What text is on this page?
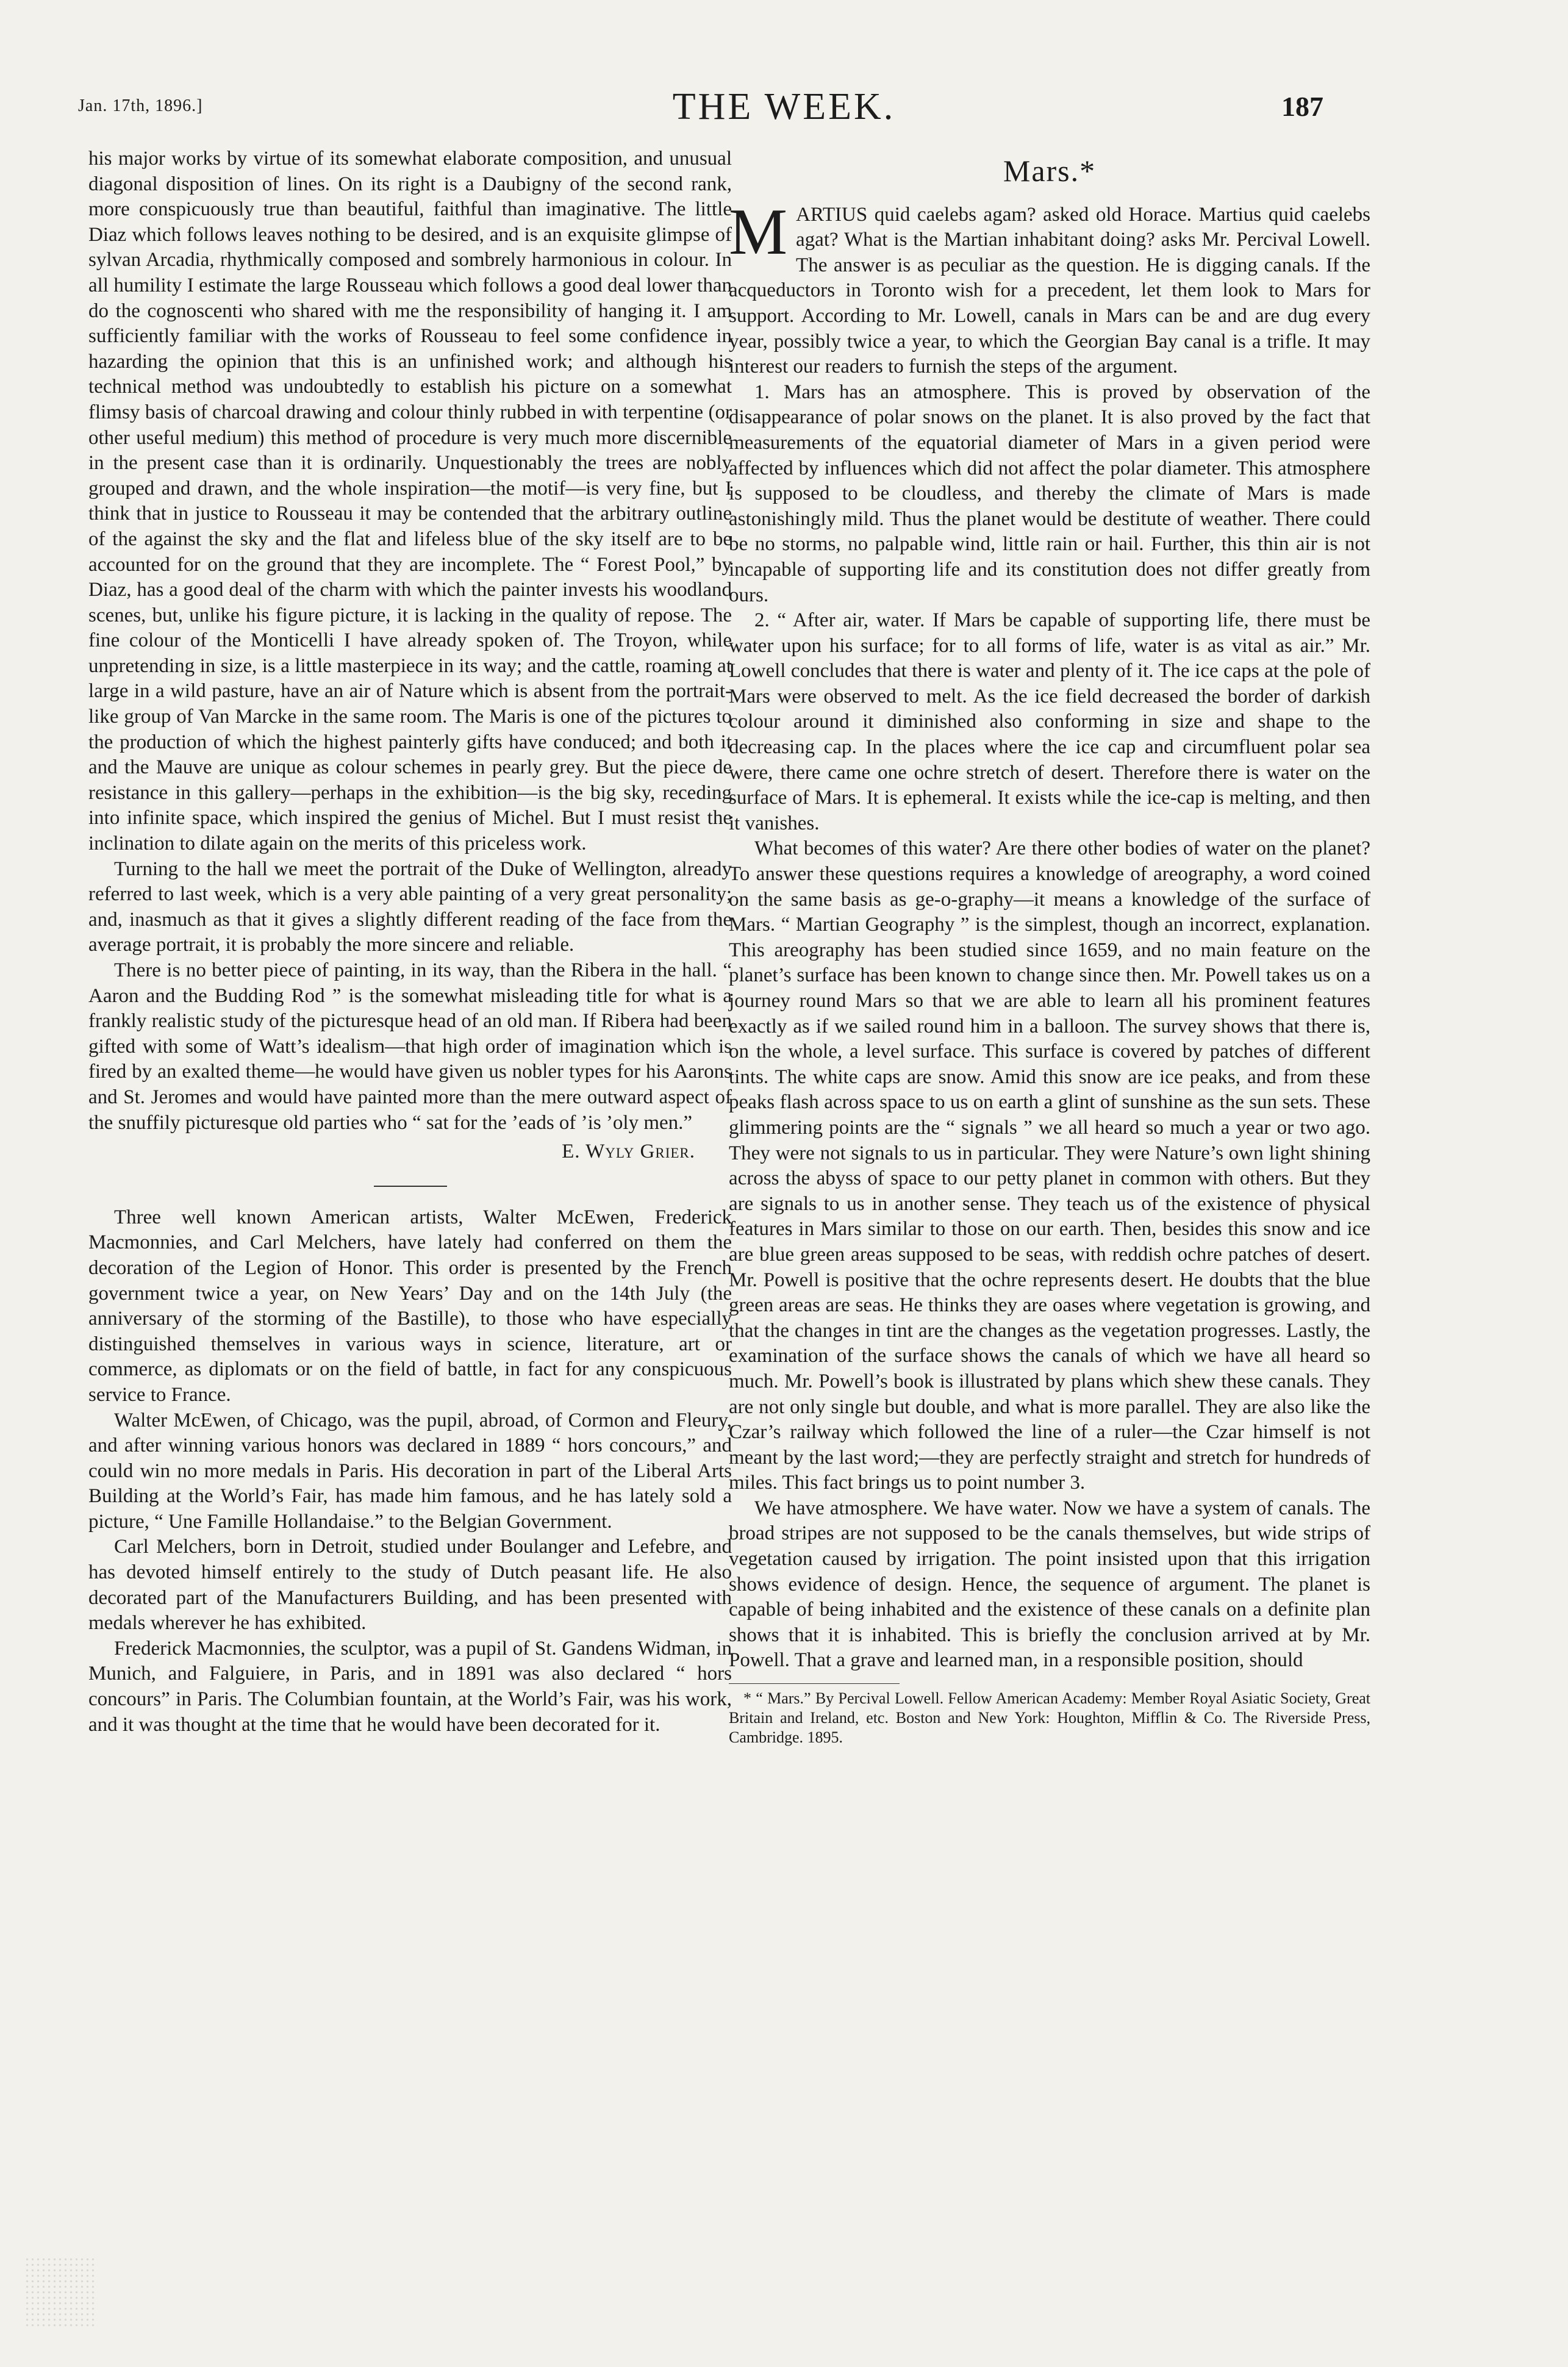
Jan. 17th, 1896.]	THE WEEK.	187

his major works by virtue of its somewhat elaborate composition, and unusual diagonal disposition of lines. On its right is a Daubigny of the second rank, more conspicuously true than beautiful, faithful than imaginative. The little Diaz which follows leaves nothing to be desired, and is an exquisite glimpse of sylvan Arcadia, rhythmically composed and sombrely harmonious in colour. In all humility I estimate the large Rousseau which follows a good deal lower than do the cognoscenti who shared with me the responsibility of hanging it. I am sufficiently familiar with the works of Rousseau to feel some confidence in hazarding the opinion that this is an unfinished work; and although his technical method was undoubtedly to establish his picture on a somewhat flimsy basis of charcoal drawing and colour thinly rubbed in with terpentine (or other useful medium) this method of procedure is very much more discernible in the present case than it is ordinarily. Unquestionably the trees are nobly grouped and drawn, and the whole inspiration—the motif—is very fine, but I think that in justice to Rousseau it may be contended that the arbitrary outline of the against the sky and the flat and lifeless blue of the sky itself are to be accounted for on the ground that they are incomplete. The “ Forest Pool,” by Diaz, has a good deal of the charm with which the painter invests his woodland scenes, but, unlike his figure picture, it is lacking in the quality of repose. The fine colour of the Monticelli I have already spoken of. The Troyon, while unpretending in size, is a little masterpiece in its way; and the cattle, roaming at large in a wild pasture, have an air of Nature which is absent from the portrait-like group of Van Marcke in the same room. The Maris is one of the pictures to the production of which the highest painterly gifts have conduced; and both it and the Mauve are unique as colour schemes in pearly grey. But the piece de resistance in this gallery—perhaps in the exhibition—is the big sky, receding into infinite space, which inspired the genius of Michel. But I must resist the inclination to dilate again on the merits of this priceless work.

Turning to the hall we meet the portrait of the Duke of Wellington, already referred to last week, which is a very able painting of a very great personality; and, inasmuch as that it gives a slightly different reading of the face from the average portrait, it is probably the more sincere and reliable.

There is no better piece of painting, in its way, than the Ribera in the hall. “ Aaron and the Budding Rod ” is the somewhat misleading title for what is a frankly realistic study of the picturesque head of an old man. If Ribera had been gifted with some of Watt’s idealism—that high order of imagination which is fired by an exalted theme—he would have given us nobler types for his Aarons and St. Jeromes and would have painted more than the mere outward aspect of the snuffily picturesque old parties who “ sat for the ’eads of ’is ’oly men.”

E. Wyly Grier.

Three well known American artists, Walter McEwen, Frederick Macmonnies, and Carl Melchers, have lately had conferred on them the decoration of the Legion of Honor. This order is presented by the French government twice a year, on New Years’ Day and on the 14th July (the anniversary of the storming of the Bastille), to those who have especially distinguished themselves in various ways in science, literature, art or commerce, as diplomats or on the field of battle, in fact for any conspicuous service to France.

Walter McEwen, of Chicago, was the pupil, abroad, of Cormon and Fleury, and after winning various honors was declared in 1889 “ hors concours,” and could win no more medals in Paris. His decoration in part of the Liberal Arts Building at the World’s Fair, has made him famous, and he has lately sold a picture, “ Une Famille Hollandaise.” to the Belgian Government.

Carl Melchers, born in Detroit, studied under Boulanger and Lefebre, and has devoted himself entirely to the study of Dutch peasant life. He also decorated part of the Manufacturers Building, and has been presented with medals wherever he has exhibited.

Frederick Macmonnies, the sculptor, was a pupil of St. Gandens Widman, in Munich, and Falguiere, in Paris, and in 1891 was also declared “ hors concours” in Paris. The Columbian fountain, at the World’s Fair, was his work, and it was thought at the time that he would have been decorated for it.

Mars.*

MARTIUS quid caelebs agam? asked old Horace. Martius quid caelebs agat? What is the Martian inhabitant doing? asks Mr. Percival Lowell. The answer is as peculiar as the question. He is digging canals. If the acqueductors in Toronto wish for a precedent, let them look to Mars for support. According to Mr. Lowell, canals in Mars can be and are dug every year, possibly twice a year, to which the Georgian Bay canal is a trifle. It may interest our readers to furnish the steps of the argument.

1. Mars has an atmosphere. This is proved by observation of the disappearance of polar snows on the planet. It is also proved by the fact that measurements of the equatorial diameter of Mars in a given period were affected by influences which did not affect the polar diameter. This atmosphere is supposed to be cloudless, and thereby the climate of Mars is made astonishingly mild. Thus the planet would be destitute of weather. There could be no storms, no palpable wind, little rain or hail. Further, this thin air is not incapable of supporting life and its constitution does not differ greatly from ours.

2. “ After air, water. If Mars be capable of supporting life, there must be water upon his surface; for to all forms of life, water is as vital as air.” Mr. Lowell concludes that there is water and plenty of it. The ice caps at the pole of Mars were observed to melt. As the ice field decreased the border of darkish colour around it diminished also conforming in size and shape to the decreasing cap. In the places where the ice cap and circumfluent polar sea were, there came one ochre stretch of desert. Therefore there is water on the surface of Mars. It is ephemeral. It exists while the ice-cap is melting, and then it vanishes.

What becomes of this water? Are there other bodies of water on the planet? To answer these questions requires a knowledge of areography, a word coined on the same basis as ge-o-graphy—it means a knowledge of the surface of Mars. “ Martian Geography ” is the simplest, though an incorrect, explanation. This areography has been studied since 1659, and no main feature on the planet’s surface has been known to change since then. Mr. Powell takes us on a journey round Mars so that we are able to learn all his prominent features exactly as if we sailed round him in a balloon. The survey shows that there is, on the whole, a level surface. This surface is covered by patches of different tints. The white caps are snow. Amid this snow are ice peaks, and from these peaks flash across space to us on earth a glint of sunshine as the sun sets. These glimmering points are the “ signals ” we all heard so much a year or two ago. They were not signals to us in particular. They were Nature’s own light shining across the abyss of space to our petty planet in common with others. But they are signals to us in another sense. They teach us of the existence of physical features in Mars similar to those on our earth. Then, besides this snow and ice are blue green areas supposed to be seas, with reddish ochre patches of desert. Mr. Powell is positive that the ochre represents desert. He doubts that the blue green areas are seas. He thinks they are oases where vegetation is growing, and that the changes in tint are the changes as the vegetation progresses. Lastly, the examination of the surface shows the canals of which we have all heard so much. Mr. Powell’s book is illustrated by plans which shew these canals. They are not only single but double, and what is more parallel. They are also like the Czar’s railway which followed the line of a ruler—the Czar himself is not meant by the last word;—they are perfectly straight and stretch for hundreds of miles. This fact brings us to point number 3.

We have atmosphere. We have water. Now we have a system of canals. The broad stripes are not supposed to be the canals themselves, but wide strips of vegetation caused by irrigation. The point insisted upon that this irrigation shows evidence of design. Hence, the sequence of argument. The planet is capable of being inhabited and the existence of these canals on a definite plan shows that it is inhabited. This is briefly the conclusion arrived at by Mr. Powell. That a grave and learned man, in a responsible position, should

* “ Mars.” By Percival Lowell. Fellow American Academy: Member Royal Asiatic Society, Great Britain and Ireland, etc. Boston and New York: Houghton, Mifflin & Co. The Riverside Press, Cambridge. 1895.
